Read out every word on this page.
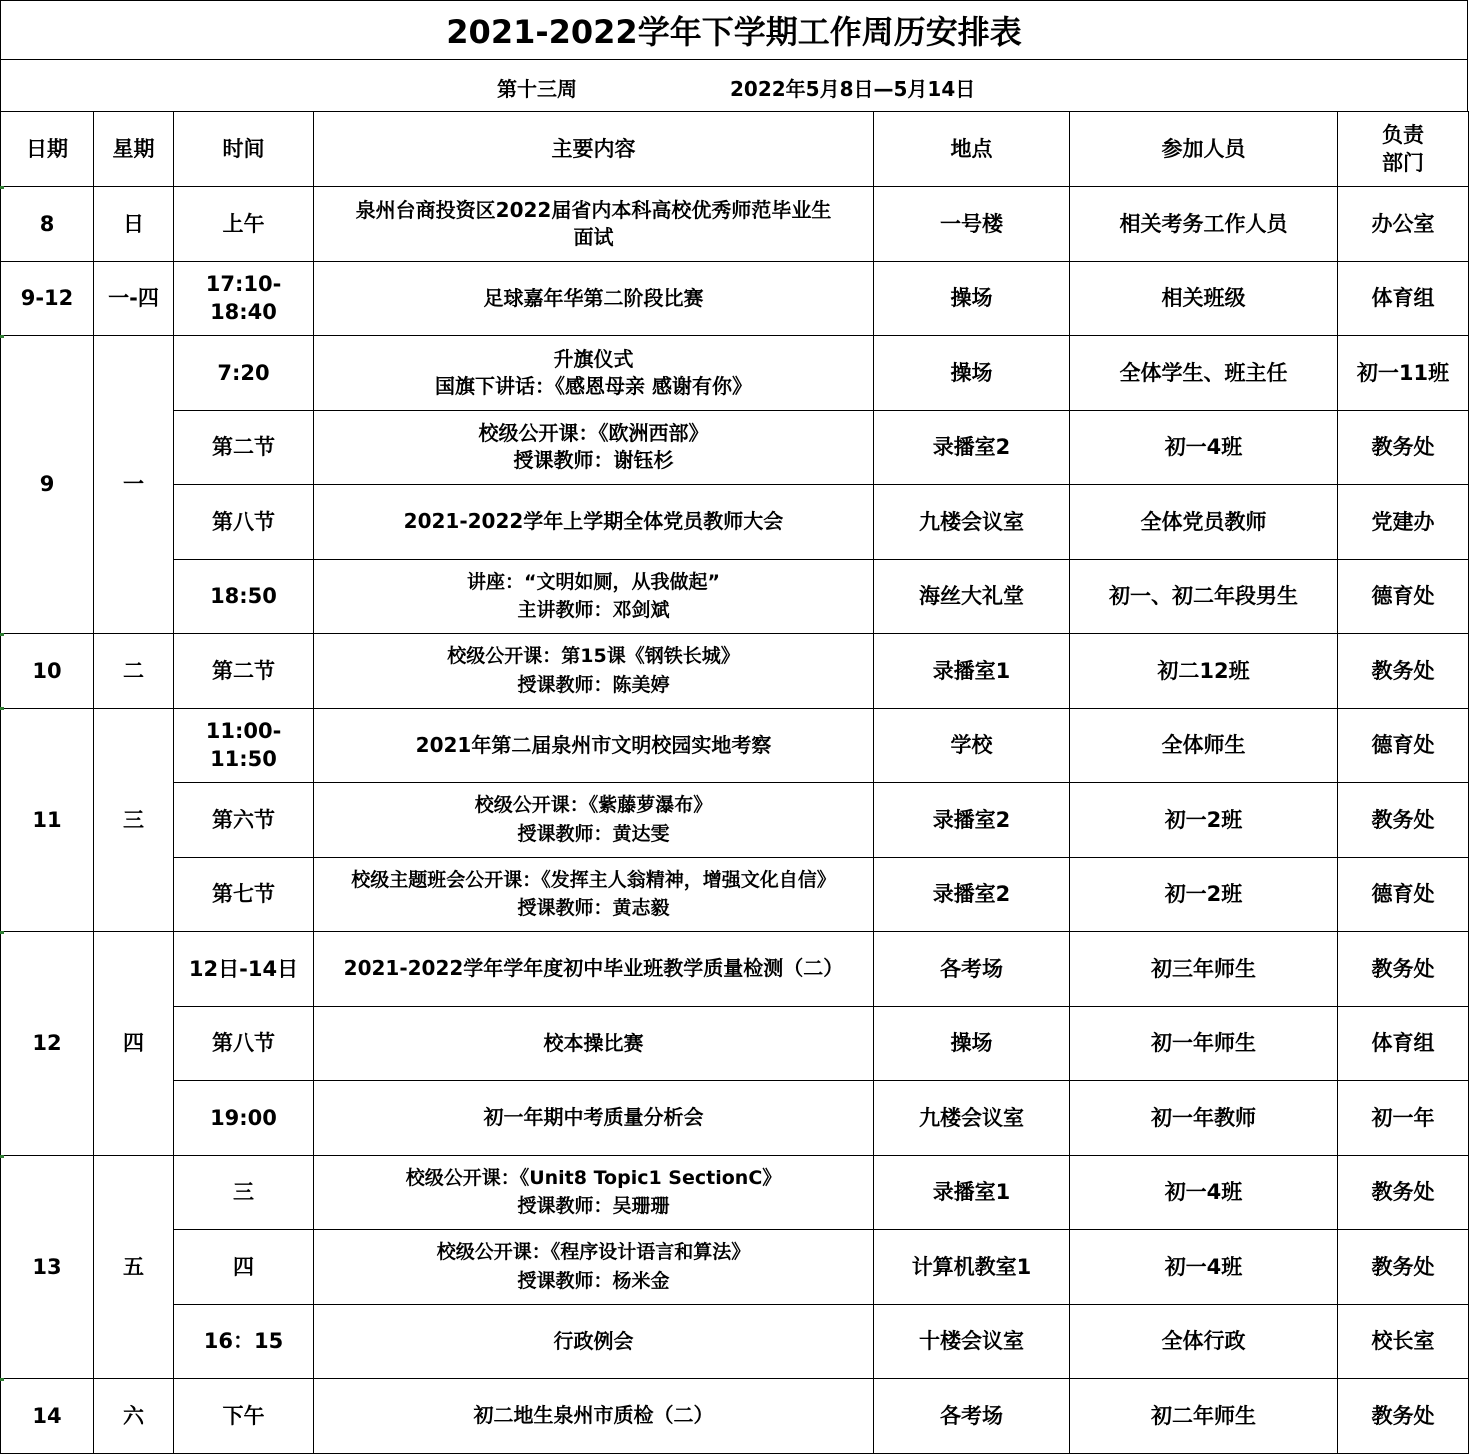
2021-2022学年下学期工作周历安排表
第十三周	2022年5月8日—5月14日
日期	星期	时间	主要内容	地点	参加人员	负责
部门

8	日	上午	泉州台商投资区2022届省内本科高校优秀师范毕业生
面试	一号楼	相关考务工作人员	办公室
9-12	一-四	17:10-18:40	足球嘉年华第二阶段比赛	操场	相关班级	体育组
9	一	7:20	升旗仪式
国旗下讲话：《感恩母亲 感谢有你》	操场	全体学生、班主任	初一11班
		第二节	校级公开课：《欧洲西部》
授课教师：谢钰杉	录播室2	初一4班	教务处
		第八节	2021-2022学年上学期全体党员教师大会	九楼会议室	全体党员教师	党建办
		18:50	讲座：“文明如厕，从我做起”
主讲教师：邓剑斌	海丝大礼堂	初一、初二年段男生	德育处
10	二	第二节	校级公开课：第15课《钢铁长城》
授课教师：陈美婷	录播室1	初二12班	教务处
11	三	11:00-11:50	2021年第二届泉州市文明校园实地考察	学校	全体师生	德育处
		第六节	校级公开课：《紫藤萝瀑布》
授课教师：黄达雯	录播室2	初一2班	教务处
		第七节	校级主题班会公开课：《发挥主人翁精神，增强文化自信》
授课教师：黄志毅	录播室2	初一2班	德育处
12	四	12日-14日	2021-2022学年学年度初中毕业班教学质量检测（二）	各考场	初三年师生	教务处
		第八节	校本操比赛	操场	初一年师生	体育组
		19:00	初一年期中考质量分析会	九楼会议室	初一年教师	初一年
13	五	三	校级公开课：《Unit8 Topic1 SectionC》
授课教师：吴珊珊	录播室1	初一4班	教务处
		四	校级公开课：《程序设计语言和算法》
授课教师：杨米金	计算机教室1	初一4班	教务处
		16：15	行政例会	十楼会议室	全体行政	校长室
14	六	下午	初二地生泉州市质检（二）	各考场	初二年师生	教务处
